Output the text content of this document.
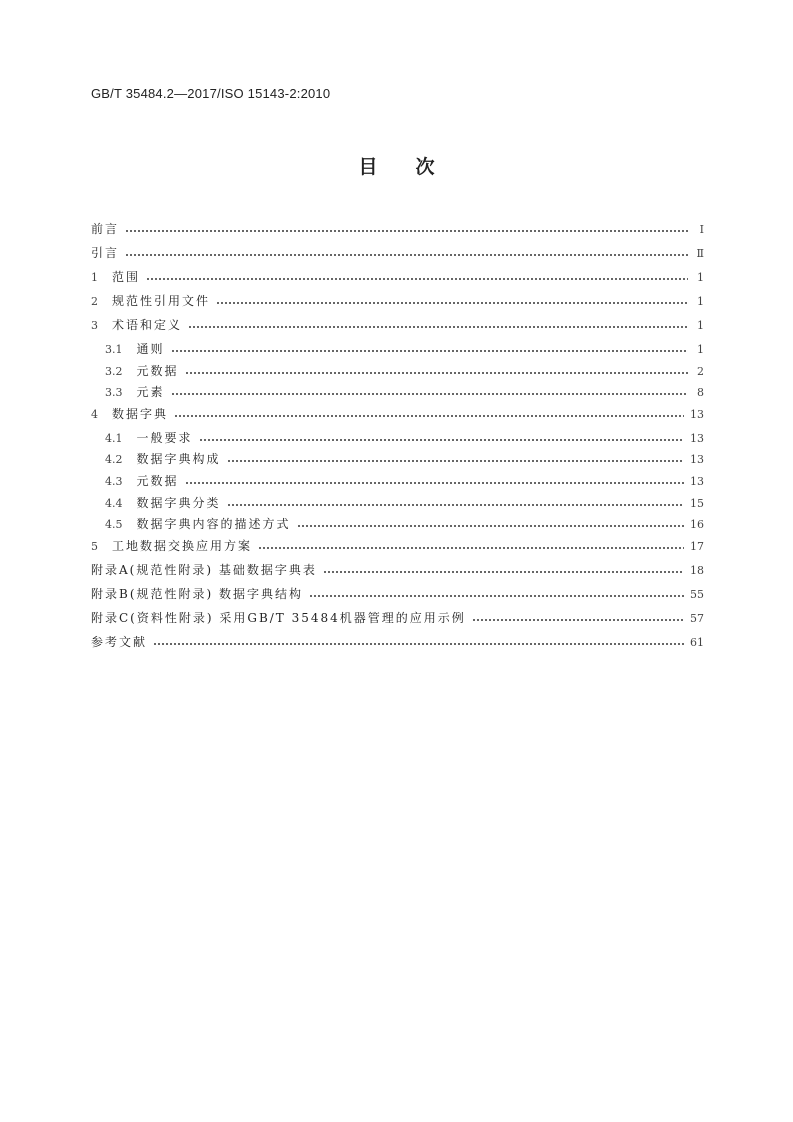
GB/T 35484.2—2017/ISO 15143-2:2010
目次
前言	Ⅰ
引言	Ⅱ
1 范围	1
2 规范性引用文件	1
3 术语和定义	1
3.1 通则	1
3.2 元数据	2
3.3 元素	8
4 数据字典	13
4.1 一般要求	13
4.2 数据字典构成	13
4.3 元数据	13
4.4 数据字典分类	15
4.5 数据字典内容的描述方式	16
5 工地数据交换应用方案	17
附录A(规范性附录) 基础数据字典表	18
附录B(规范性附录) 数据字典结构	55
附录C(资料性附录) 采用GB/T 35484机器管理的应用示例	57
参考文献	61
